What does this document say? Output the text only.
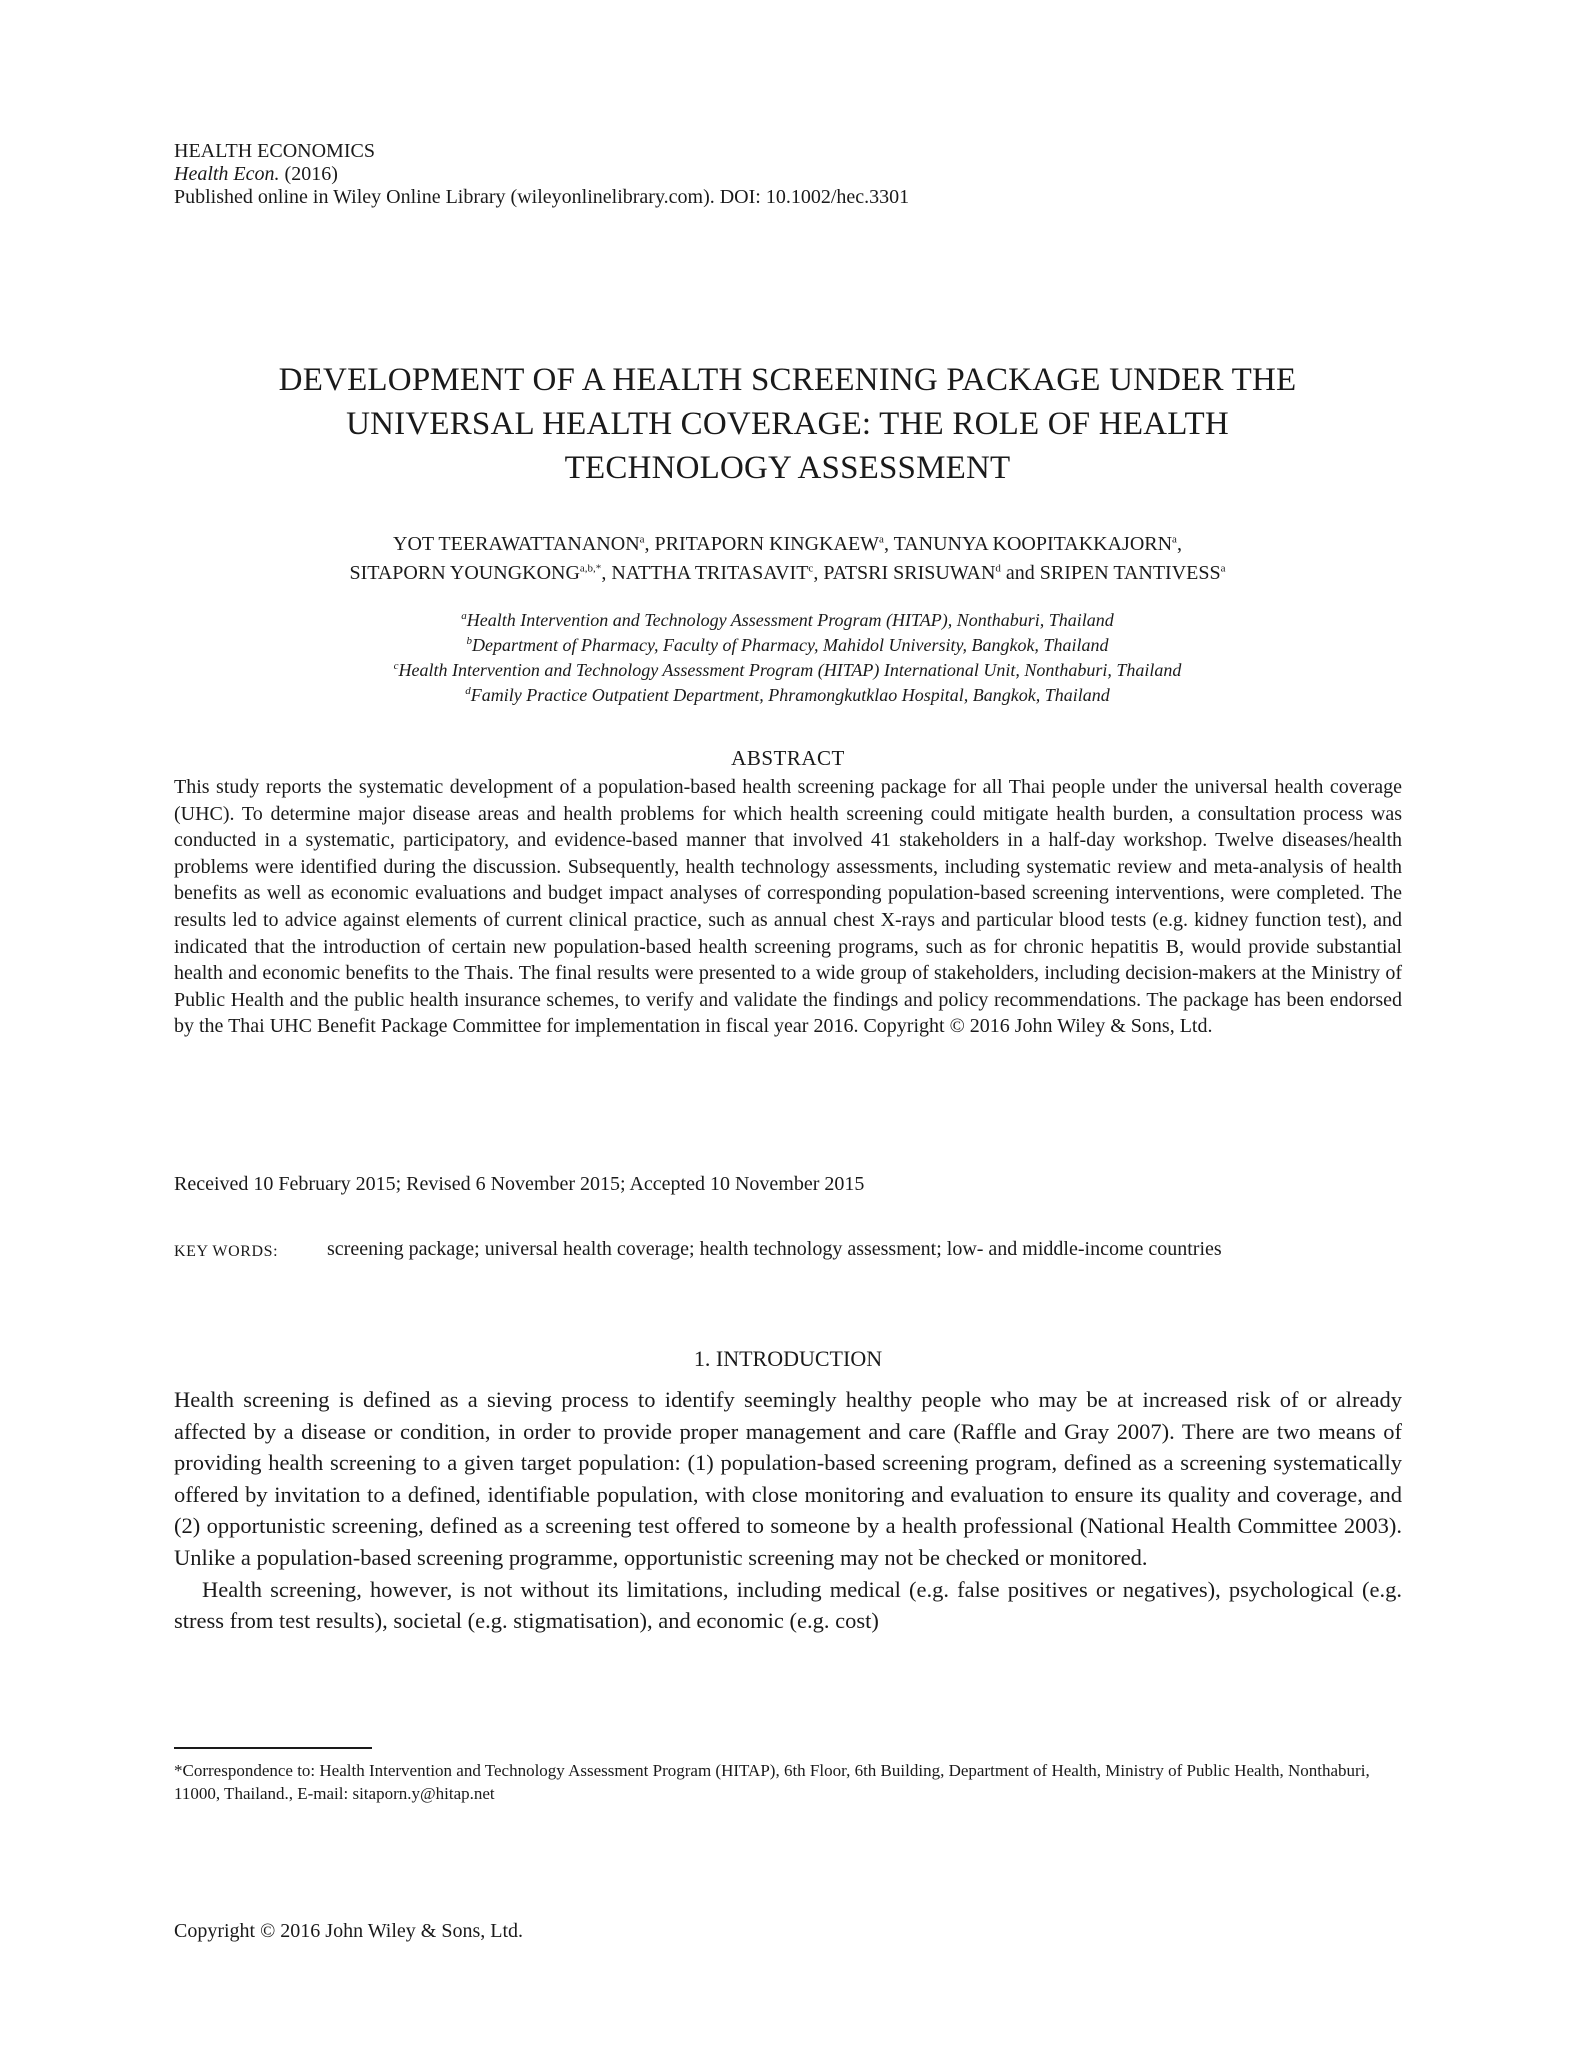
HEALTH ECONOMICS
Health Econ. (2016)
Published online in Wiley Online Library (wileyonlinelibrary.com). DOI: 10.1002/hec.3301
DEVELOPMENT OF A HEALTH SCREENING PACKAGE UNDER THE
UNIVERSAL HEALTH COVERAGE: THE ROLE OF HEALTH
TECHNOLOGY ASSESSMENT
YOT TEERAWATTANANON$^a$, PRITAPORN KINGKAEW$^a$, TANUNYA KOOPITAKKAJORN$^a$,
SITAPORN $YOUNGKONG^{a,b,*}$, NATTHA TRITASAVIT$^c$, PATSRI SRISUWAN$^d$ and SRIPEN TANTIVESS$^a$
$^a$Health Intervention and Technology Assessment Program (HITAP), Nonthaburi, Thailand
$^b$Department of Pharmacy, Faculty of Pharmacy, Mahidol University, Bangkok, Thailand
$^c$Health Intervention and Technology Assessment Program (HITAP) International Unit, Nonthaburi, Thailand
$^d$Family Practice Outpatient Department, Phramongkutklao Hospital, Bangkok, Thailand
ABSTRACT
This study reports the systematic development of a population-based health screening package for all Thai people under the universal health coverage (UHC). To determine major disease areas and health problems for which health screening could mitigate health burden, a consultation process was conducted in a systematic, participatory, and evidence-based manner that involved 41 stakeholders in a half-day workshop. Twelve diseases/health problems were identified during the discussion. Subsequently, health technology assessments, including systematic review and meta-analysis of health benefits as well as economic evaluations and budget impact analyses of corresponding population-based screening interventions, were completed. The results led to advice against elements of current clinical practice, such as annual chest X-rays and particular blood tests (e.g. kidney function test), and indicated that the introduction of certain new population-based health screening programs, such as for chronic hepatitis B, would provide substantial health and economic benefits to the Thais. The final results were presented to a wide group of stakeholders, including decision-makers at the Ministry of Public Health and the public health insurance schemes, to verify and validate the findings and policy recommendations. The package has been endorsed by the Thai UHC Benefit Package Committee for implementation in fiscal year 2016. Copyright © 2016 John Wiley & Sons, Ltd.
Received 10 February 2015; Revised 6 November 2015; Accepted 10 November 2015
KEY WORDS: screening package; universal health coverage; health technology assessment; low- and middle-income countries
1. INTRODUCTION

Health screening is defined as a sieving process to identify seemingly healthy people who may be at increased risk of or already affected by a disease or condition, in order to provide proper management and care (Raffle and Gray 2007). There are two means of providing health screening to a given target population: (1) population-based screening program, defined as a screening systematically offered by invitation to a defined, identifiable population, with close monitoring and evaluation to ensure its quality and coverage, and (2) opportunistic screening, defined as a screening test offered to someone by a health professional (National Health Committee 2003). Unlike a population-based screening programme, opportunistic screening may not be checked or monitored.

Health screening, however, is not without its limitations, including medical (e.g. false positives or negatives), psychological (e.g. stress from test results), societal (e.g. stigmatisation), and economic (e.g. cost)

*Correspondence to: Health Intervention and Technology Assessment Program (HITAP), 6th Floor, 6th Building, Department of Health, Ministry of Public Health, Nonthaburi, 11000, Thailand., E-mail: sitaporn.y@hitap.net
Copyright © 2016 John Wiley & Sons, Ltd.
